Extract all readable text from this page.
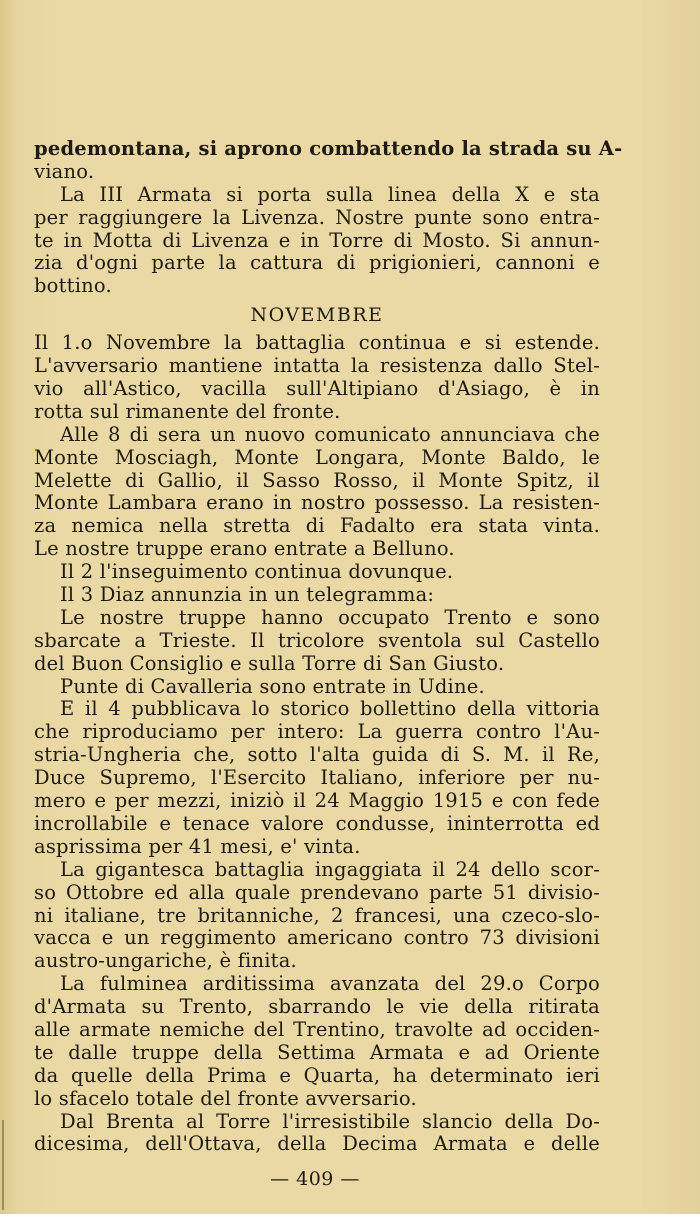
pedemontana, si aprono combattendo la strada su A-
viano.
La III Armata si porta sulla linea della X e sta
per raggiungere la Livenza. Nostre punte sono entra-
te in Motta di Livenza e in Torre di Mosto. Si annun-
zia d'ogni parte la cattura di prigionieri, cannoni e
bottino.
NOVEMBRE
Il 1.o Novembre la battaglia continua e si estende.
L'avversario mantiene intatta la resistenza dallo Stel-
vio all'Astico, vacilla sull'Altipiano d'Asiago, è in
rotta sul rimanente del fronte.
Alle 8 di sera un nuovo comunicato annunciava che
Monte Mosciagh, Monte Longara, Monte Baldo, le
Melette di Gallio, il Sasso Rosso, il Monte Spitz, il
Monte Lambara erano in nostro possesso. La resisten-
za nemica nella stretta di Fadalto era stata vinta.
Le nostre truppe erano entrate a Belluno.
Il 2 l'inseguimento continua dovunque.
Il 3 Diaz annunzia in un telegramma:
Le nostre truppe hanno occupato Trento e sono
sbarcate a Trieste. Il tricolore sventola sul Castello
del Buon Consiglio e sulla Torre di San Giusto.
Punte di Cavalleria sono entrate in Udine.
E il 4 pubblicava lo storico bollettino della vittoria
che riproduciamo per intero: La guerra contro l'Au-
stria-Ungheria che, sotto l'alta guida di S. M. il Re,
Duce Supremo, l'Esercito Italiano, inferiore per nu-
mero e per mezzi, iniziò il 24 Maggio 1915 e con fede
incrollabile e tenace valore condusse, ininterrotta ed
asprissima per 41 mesi, e' vinta.
La gigantesca battaglia ingaggiata il 24 dello scor-
so Ottobre ed alla quale prendevano parte 51 divisio-
ni italiane, tre britanniche, 2 francesi, una czeco-slo-
vacca e un reggimento americano contro 73 divisioni
austro-ungariche, è finita.
La fulminea arditissima avanzata del 29.o Corpo
d'Armata su Trento, sbarrando le vie della ritirata
alle armate nemiche del Trentino, travolte ad occiden-
te dalle truppe della Settima Armata e ad Oriente
da quelle della Prima e Quarta, ha determinato ieri
lo sfacelo totale del fronte avversario.
Dal Brenta al Torre l'irresistibile slancio della Do-
dicesima, dell'Ottava, della Decima Armata e delle
— 409 —
